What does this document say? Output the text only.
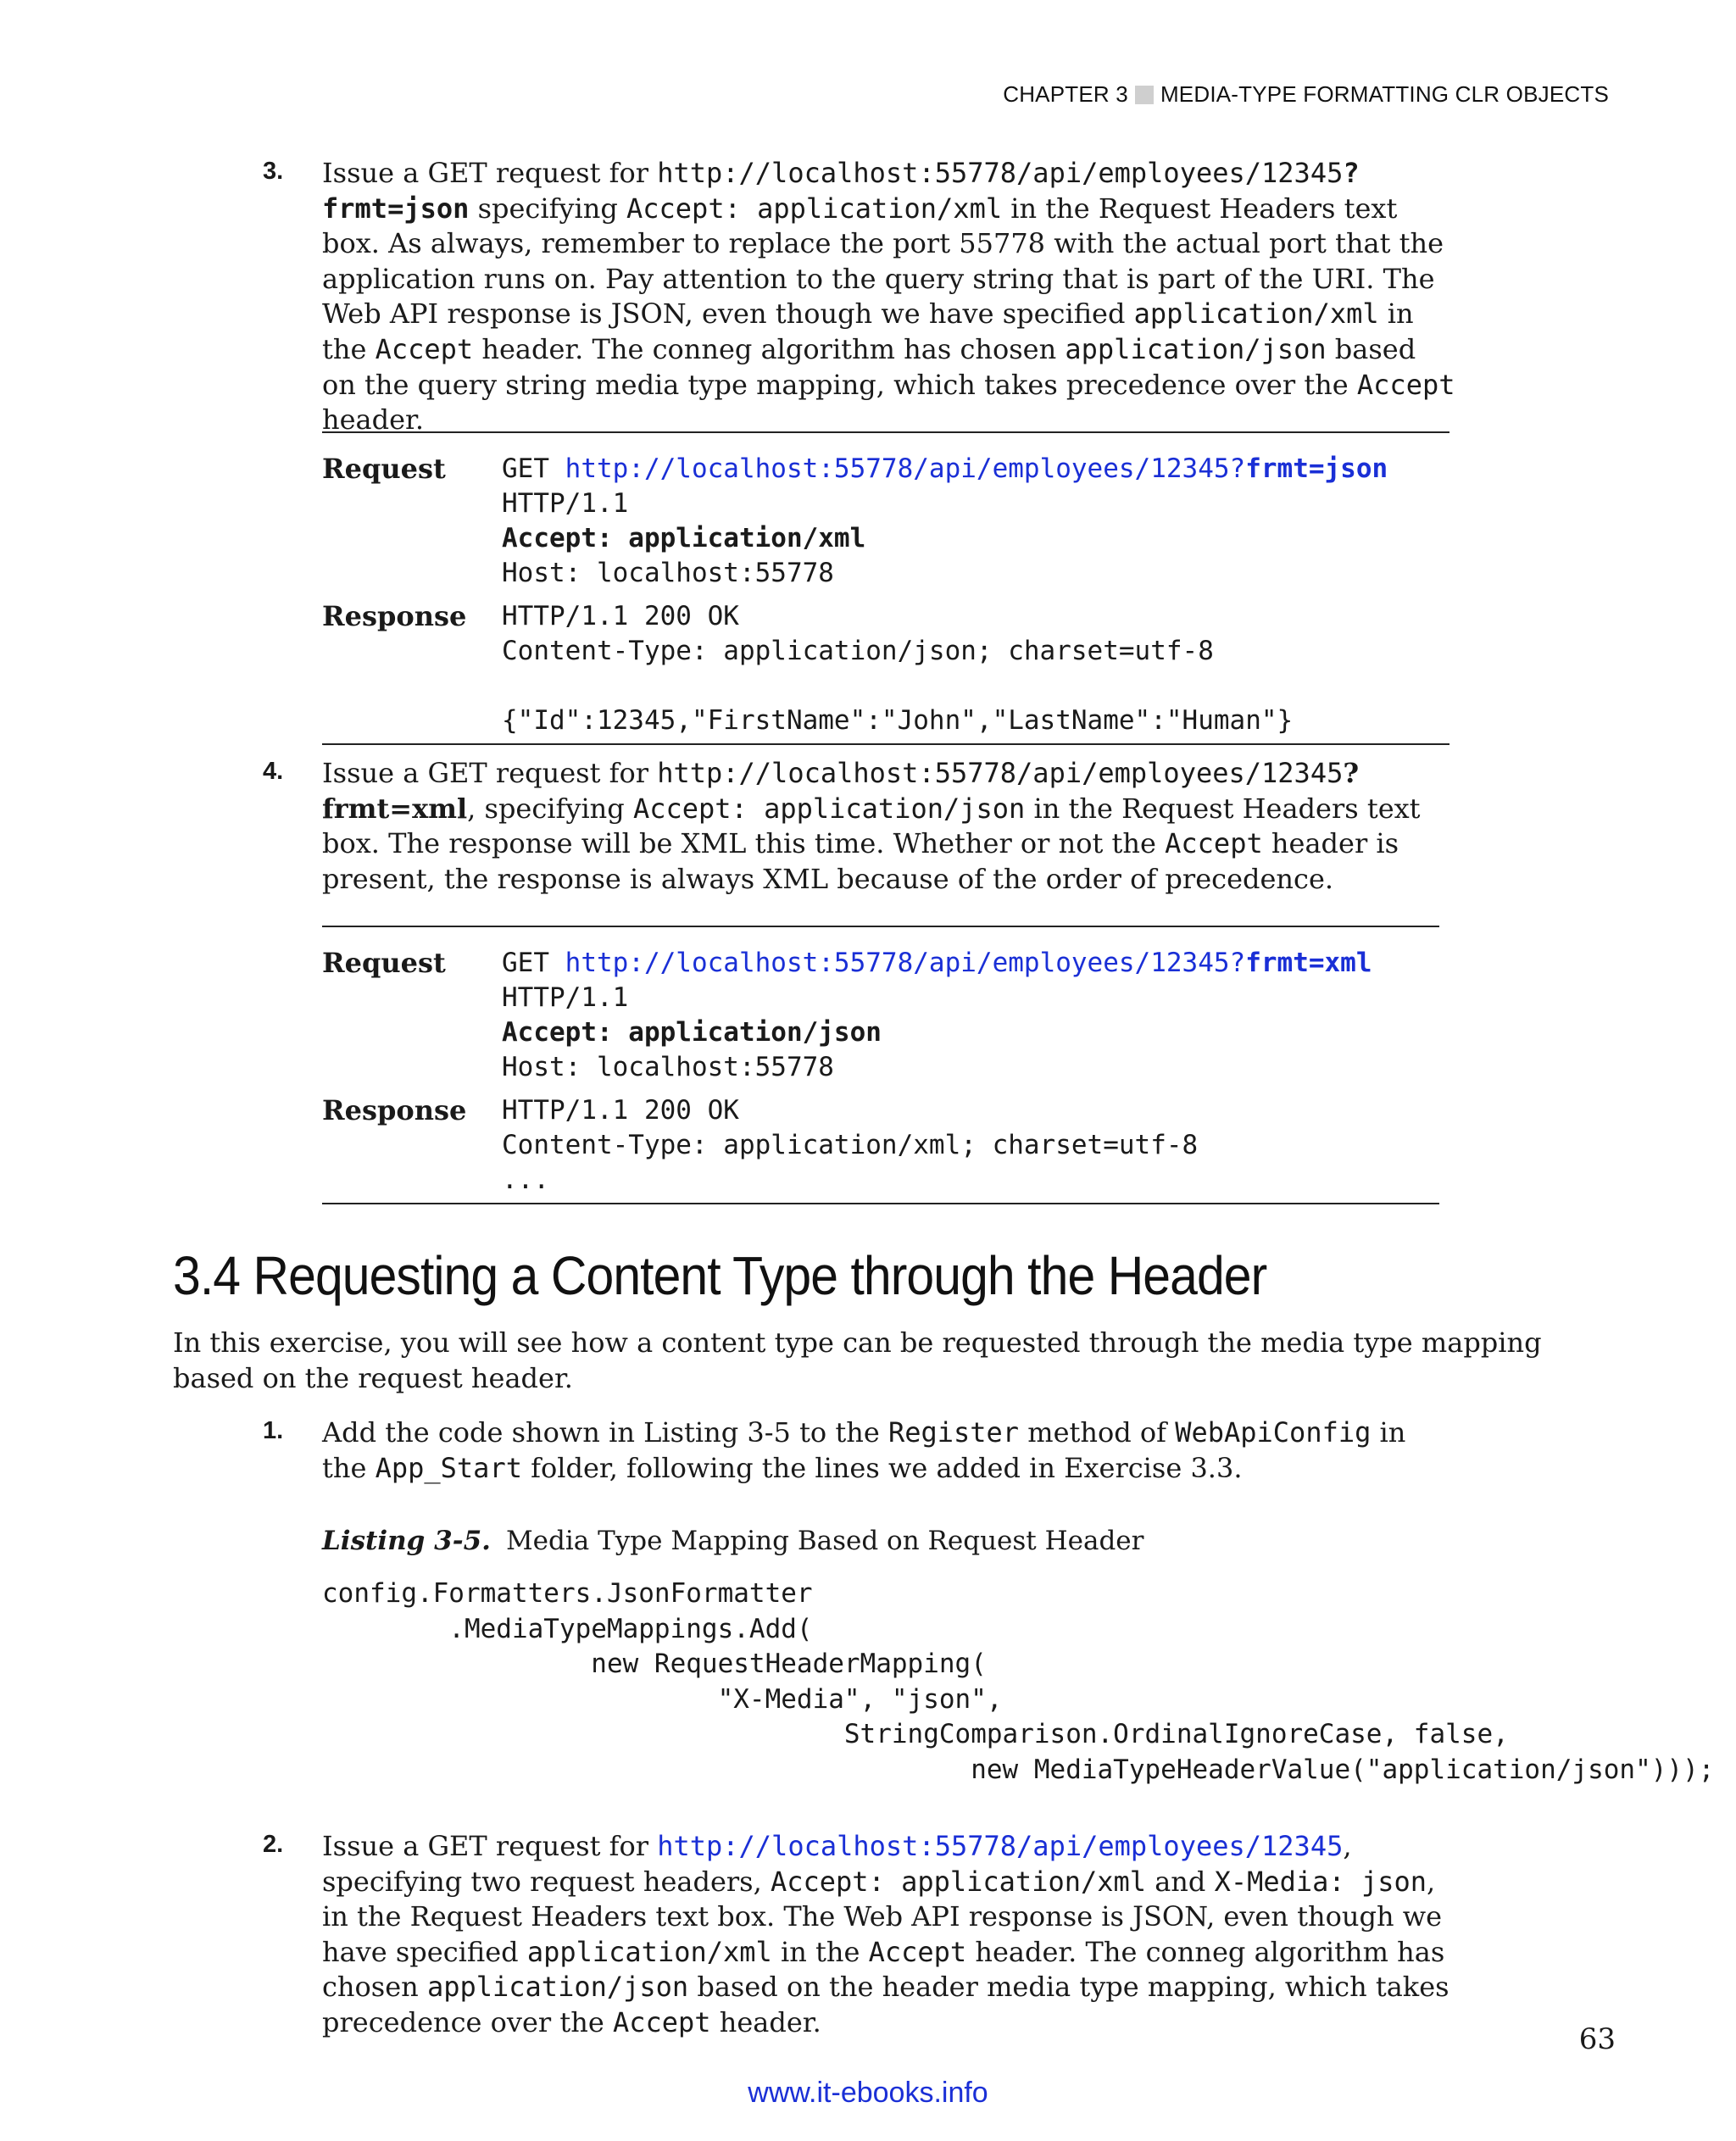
CHAPTER 3 MEDIA-TYPE FORMATTING CLR OBJECTS
3. Issue a GET request for http://localhost:55778/api/employees/12345?frmt=json specifying Accept: application/xml in the Request Headers text box. As always, remember to replace the port 55778 with the actual port that the application runs on. Pay attention to the query string that is part of the URI. The Web API response is JSON, even though we have specified application/xml in the Accept header. The conneg algorithm has chosen application/json based on the query string media type mapping, which takes precedence over the Accept header.
Request	GET http://localhost:55778/api/employees/12345?frmt=json HTTP/1.1
Accept: application/xml
Host: localhost:55778

Response	HTTP/1.1 200 OK
Content-Type: application/json; charset=utf-8

{"Id":12345,"FirstName":"John","LastName":"Human"}
4. Issue a GET request for http://localhost:55778/api/employees/12345?frmt=xml, specifying Accept: application/json in the Request Headers text box. The response will be XML this time. Whether or not the Accept header is present, the response is always XML because of the order of precedence.
Request	GET http://localhost:55778/api/employees/12345?frmt=xml HTTP/1.1
Accept: application/json
Host: localhost:55778

Response	HTTP/1.1 200 OK
Content-Type: application/xml; charset=utf-8
...
3.4 Requesting a Content Type through the Header
In this exercise, you will see how a content type can be requested through the media type mapping based on the request header.
1. Add the code shown in Listing 3-5 to the Register method of WebApiConfig in the App_Start folder, following the lines we added in Exercise 3.3.
Listing 3-5. Media Type Mapping Based on Request Header
config.Formatters.JsonFormatter
.MediaTypeMappings.Add(
new RequestHeaderMapping(
"X-Media", "json",
StringComparison.OrdinalIgnoreCase, false,
new MediaTypeHeaderValue("application/json")));
2. Issue a GET request for http://localhost:55778/api/employees/12345, specifying two request headers, Accept: application/xml and X-Media: json, in the Request Headers text box. The Web API response is JSON, even though we have specified application/xml in the Accept header. The conneg algorithm has chosen application/json based on the header media type mapping, which takes precedence over the Accept header.
63
www.it-ebooks.info
